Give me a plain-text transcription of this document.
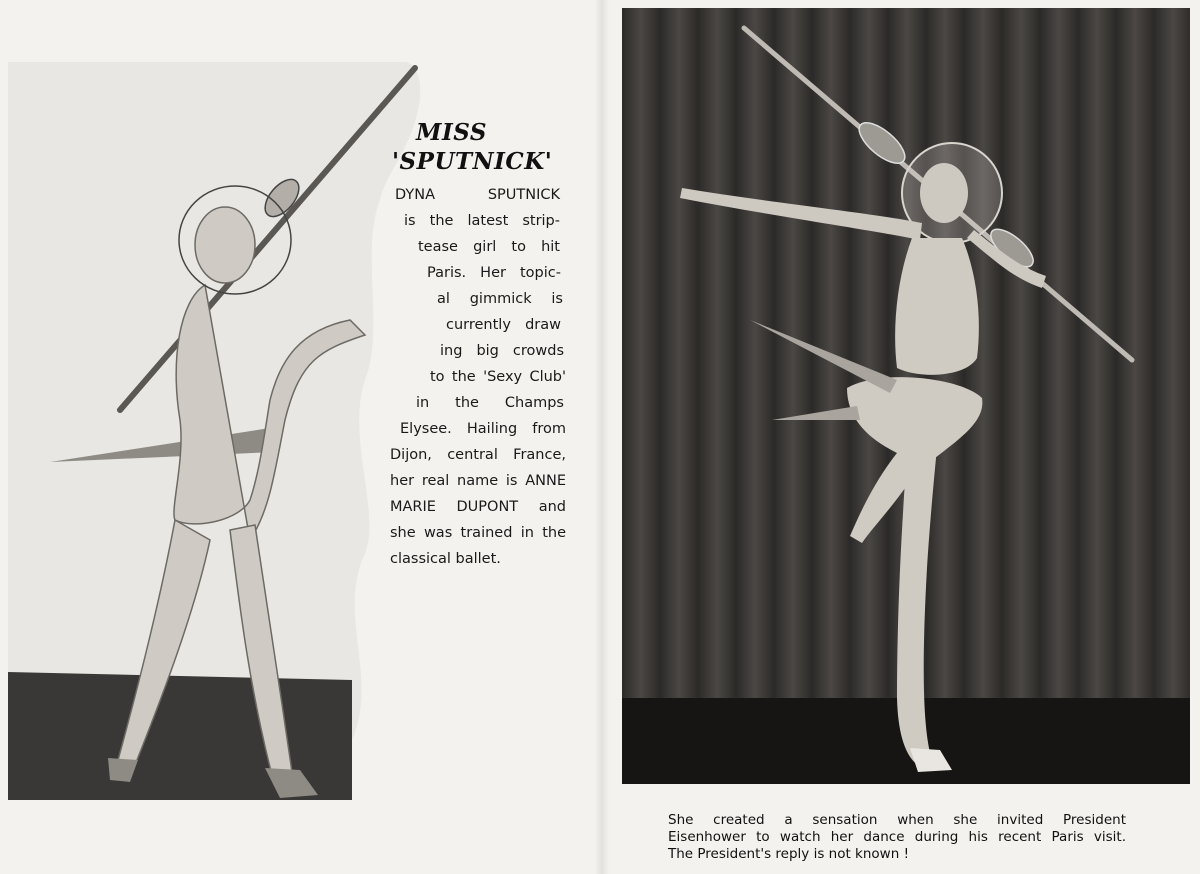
MISS
'SPUTNICK'
DYNA SPUTNICK
is the latest strip-
tease girl to hit
Paris. Her topic-
al gimmick is
currently draw
ing big crowds
to the 'Sexy Club'
in the Champs
Elysee. Hailing from
Dijon, central France,
her real name is ANNE
MARIE DUPONT and
she was trained in the
classical ballet.
She created a sensation when she invited President
Eisenhower to watch her dance during his recent Paris visit.
The President's reply is not known !
